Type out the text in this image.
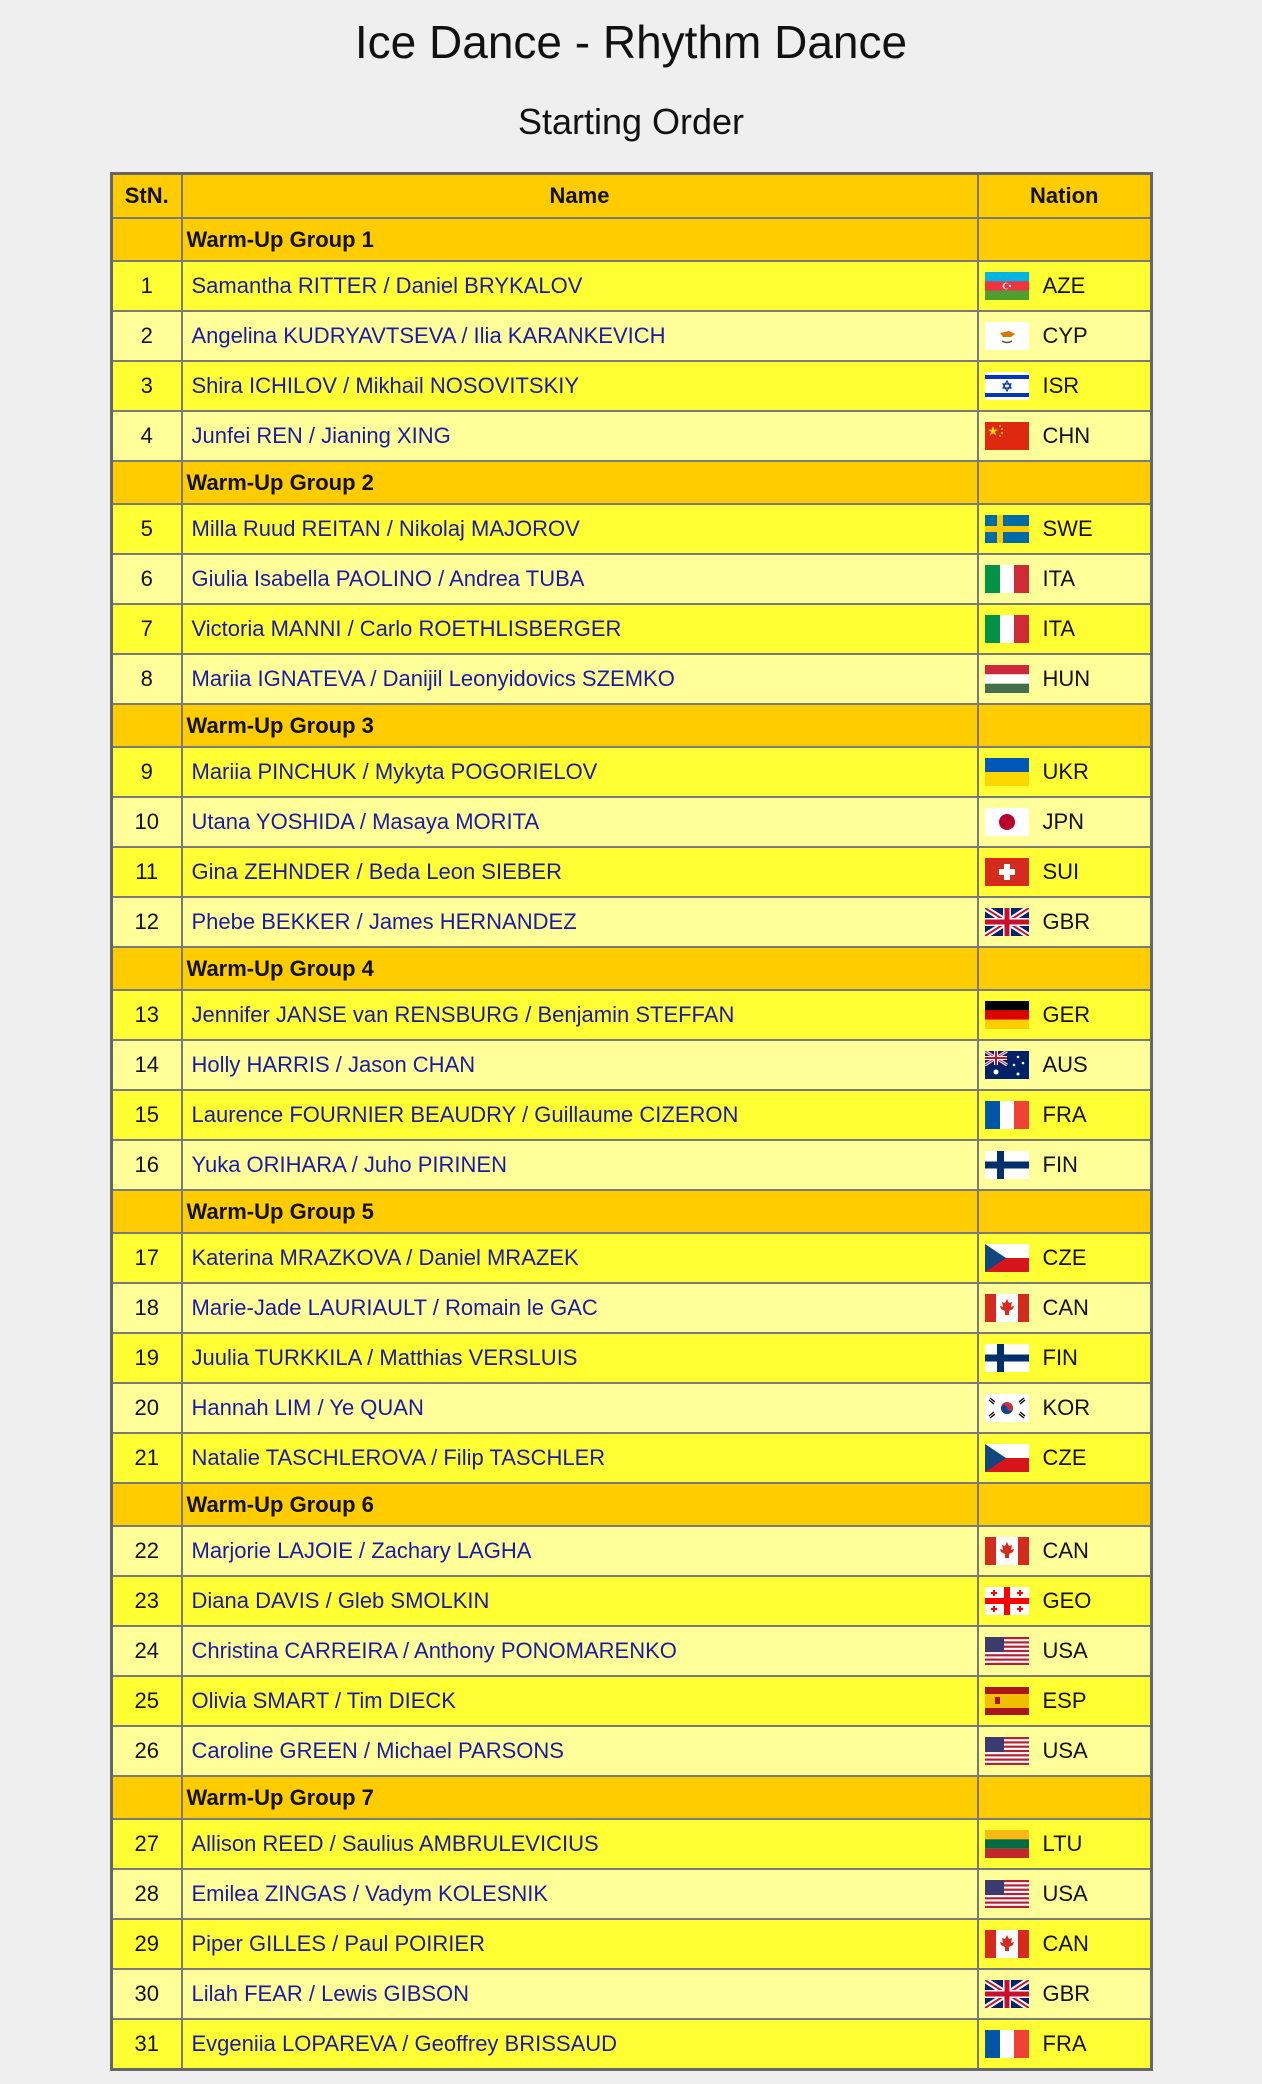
Ice Dance - Rhythm Dance
Starting Order
StN.	Name	Nation
	Warm-Up Group 1	
1	Samantha RITTER / Daniel BRYKALOV	AZE
2	Angelina KUDRYAVTSEVA / Ilia KARANKEVICH	CYP
3	Shira ICHILOV / Mikhail NOSOVITSKIY	ISR
4	Junfei REN / Jianing XING	CHN
	Warm-Up Group 2	
5	Milla Ruud REITAN / Nikolaj MAJOROV	SWE
6	Giulia Isabella PAOLINO / Andrea TUBA	ITA
7	Victoria MANNI / Carlo ROETHLISBERGER	ITA
8	Mariia IGNATEVA / Danijil Leonyidovics SZEMKO	HUN
	Warm-Up Group 3	
9	Mariia PINCHUK / Mykyta POGORIELOV	UKR
10	Utana YOSHIDA / Masaya MORITA	JPN
11	Gina ZEHNDER / Beda Leon SIEBER	SUI
12	Phebe BEKKER / James HERNANDEZ	GBR
	Warm-Up Group 4	
13	Jennifer JANSE van RENSBURG / Benjamin STEFFAN	GER
14	Holly HARRIS / Jason CHAN	AUS
15	Laurence FOURNIER BEAUDRY / Guillaume CIZERON	FRA
16	Yuka ORIHARA / Juho PIRINEN	FIN
	Warm-Up Group 5	
17	Katerina MRAZKOVA / Daniel MRAZEK	CZE
18	Marie-Jade LAURIAULT / Romain le GAC	CAN
19	Juulia TURKKILA / Matthias VERSLUIS	FIN
20	Hannah LIM / Ye QUAN	KOR
21	Natalie TASCHLEROVA / Filip TASCHLER	CZE
	Warm-Up Group 6	
22	Marjorie LAJOIE / Zachary LAGHA	CAN
23	Diana DAVIS / Gleb SMOLKIN	GEO
24	Christina CARREIRA / Anthony PONOMARENKO	USA
25	Olivia SMART / Tim DIECK	ESP
26	Caroline GREEN / Michael PARSONS	USA
	Warm-Up Group 7	
27	Allison REED / Saulius AMBRULEVICIUS	LTU
28	Emilea ZINGAS / Vadym KOLESNIK	USA
29	Piper GILLES / Paul POIRIER	CAN
30	Lilah FEAR / Lewis GIBSON	GBR
31	Evgeniia LOPAREVA / Geoffrey BRISSAUD	FRA
